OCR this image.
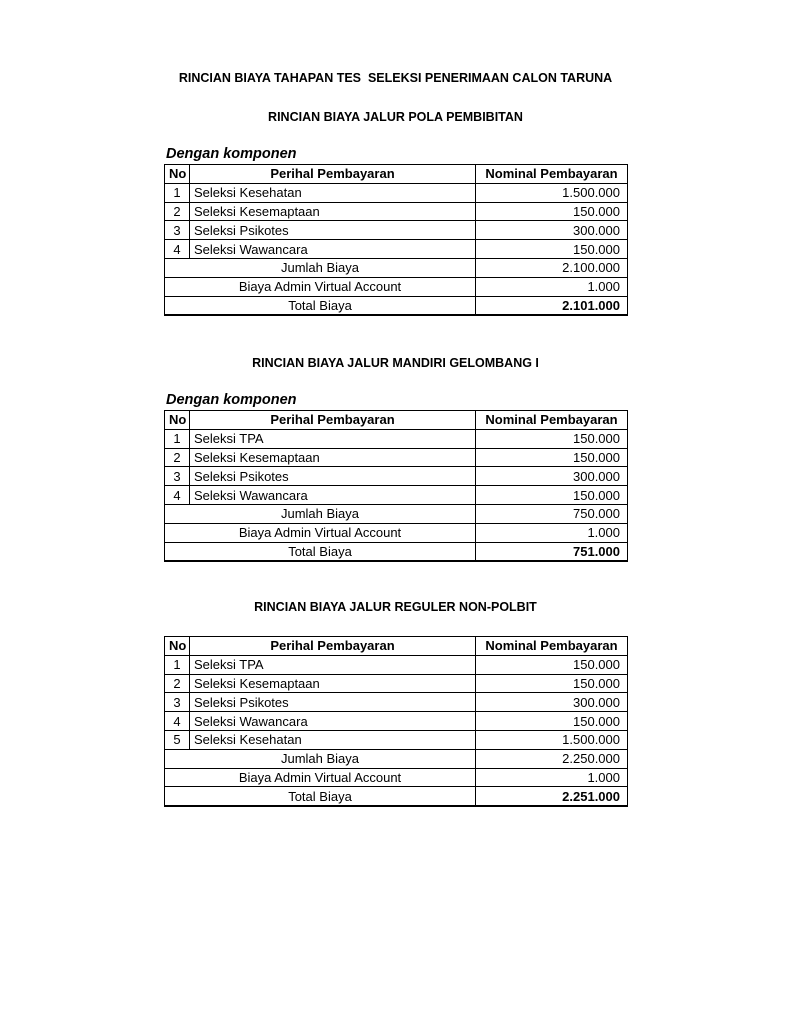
RINCIAN BIAYA TAHAPAN TES  SELEKSI PENERIMAAN CALON TARUNA
RINCIAN BIAYA JALUR POLA PEMBIBITAN
Dengan komponen
No	Perihal Pembayaran	Nominal Pembayaran
1	Seleksi Kesehatan	1.500.000
2	Seleksi Kesemaptaan	150.000
3	Seleksi Psikotes	300.000
4	Seleksi Wawancara	150.000
Jumlah Biaya		2.100.000
Biaya Admin Virtual Account		1.000
Total Biaya		2.101.000
RINCIAN BIAYA JALUR MANDIRI GELOMBANG I
Dengan komponen
No	Perihal Pembayaran	Nominal Pembayaran
1	Seleksi TPA	150.000
2	Seleksi Kesemaptaan	150.000
3	Seleksi Psikotes	300.000
4	Seleksi Wawancara	150.000
Jumlah Biaya		750.000
Biaya Admin Virtual Account		1.000
Total Biaya		751.000
RINCIAN BIAYA JALUR REGULER NON-POLBIT
No	Perihal Pembayaran	Nominal Pembayaran
1	Seleksi TPA	150.000
2	Seleksi Kesemaptaan	150.000
3	Seleksi Psikotes	300.000
4	Seleksi Wawancara	150.000
5	Seleksi Kesehatan	1.500.000
Jumlah Biaya		2.250.000
Biaya Admin Virtual Account		1.000
Total Biaya		2.251.000
